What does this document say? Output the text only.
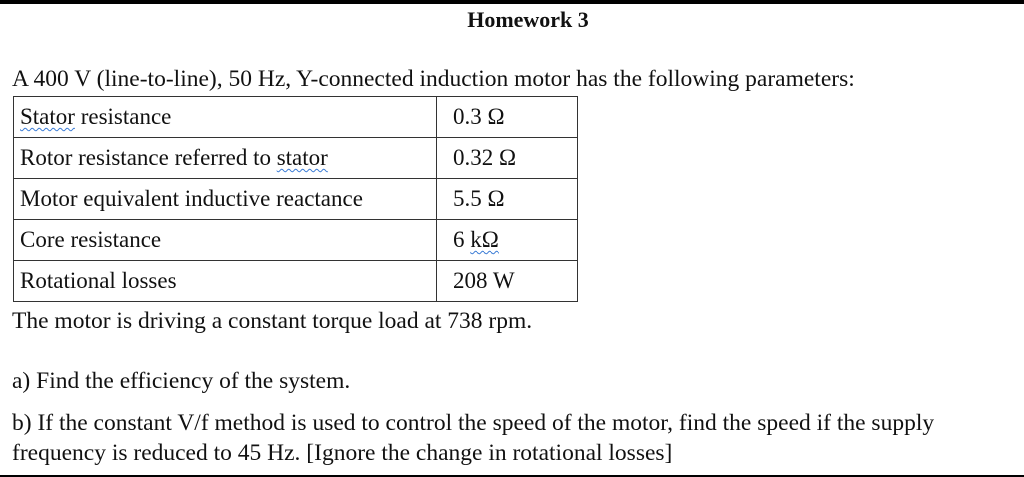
Homework 3
A 400 V (line-to-line), 50 Hz, Y-connected induction motor has the following parameters:
Stator resistance	0.3 Ω
Rotor resistance referred to stator	0.32 Ω
Motor equivalent inductive reactance	5.5 Ω
Core resistance	6 kΩ
Rotational losses	208 W
The motor is driving a constant torque load at 738 rpm.
a) Find the efficiency of the system.
b) If the constant V/f method is used to control the speed of the motor, find the speed if the supply frequency is reduced to 45 Hz. [Ignore the change in rotational losses]
